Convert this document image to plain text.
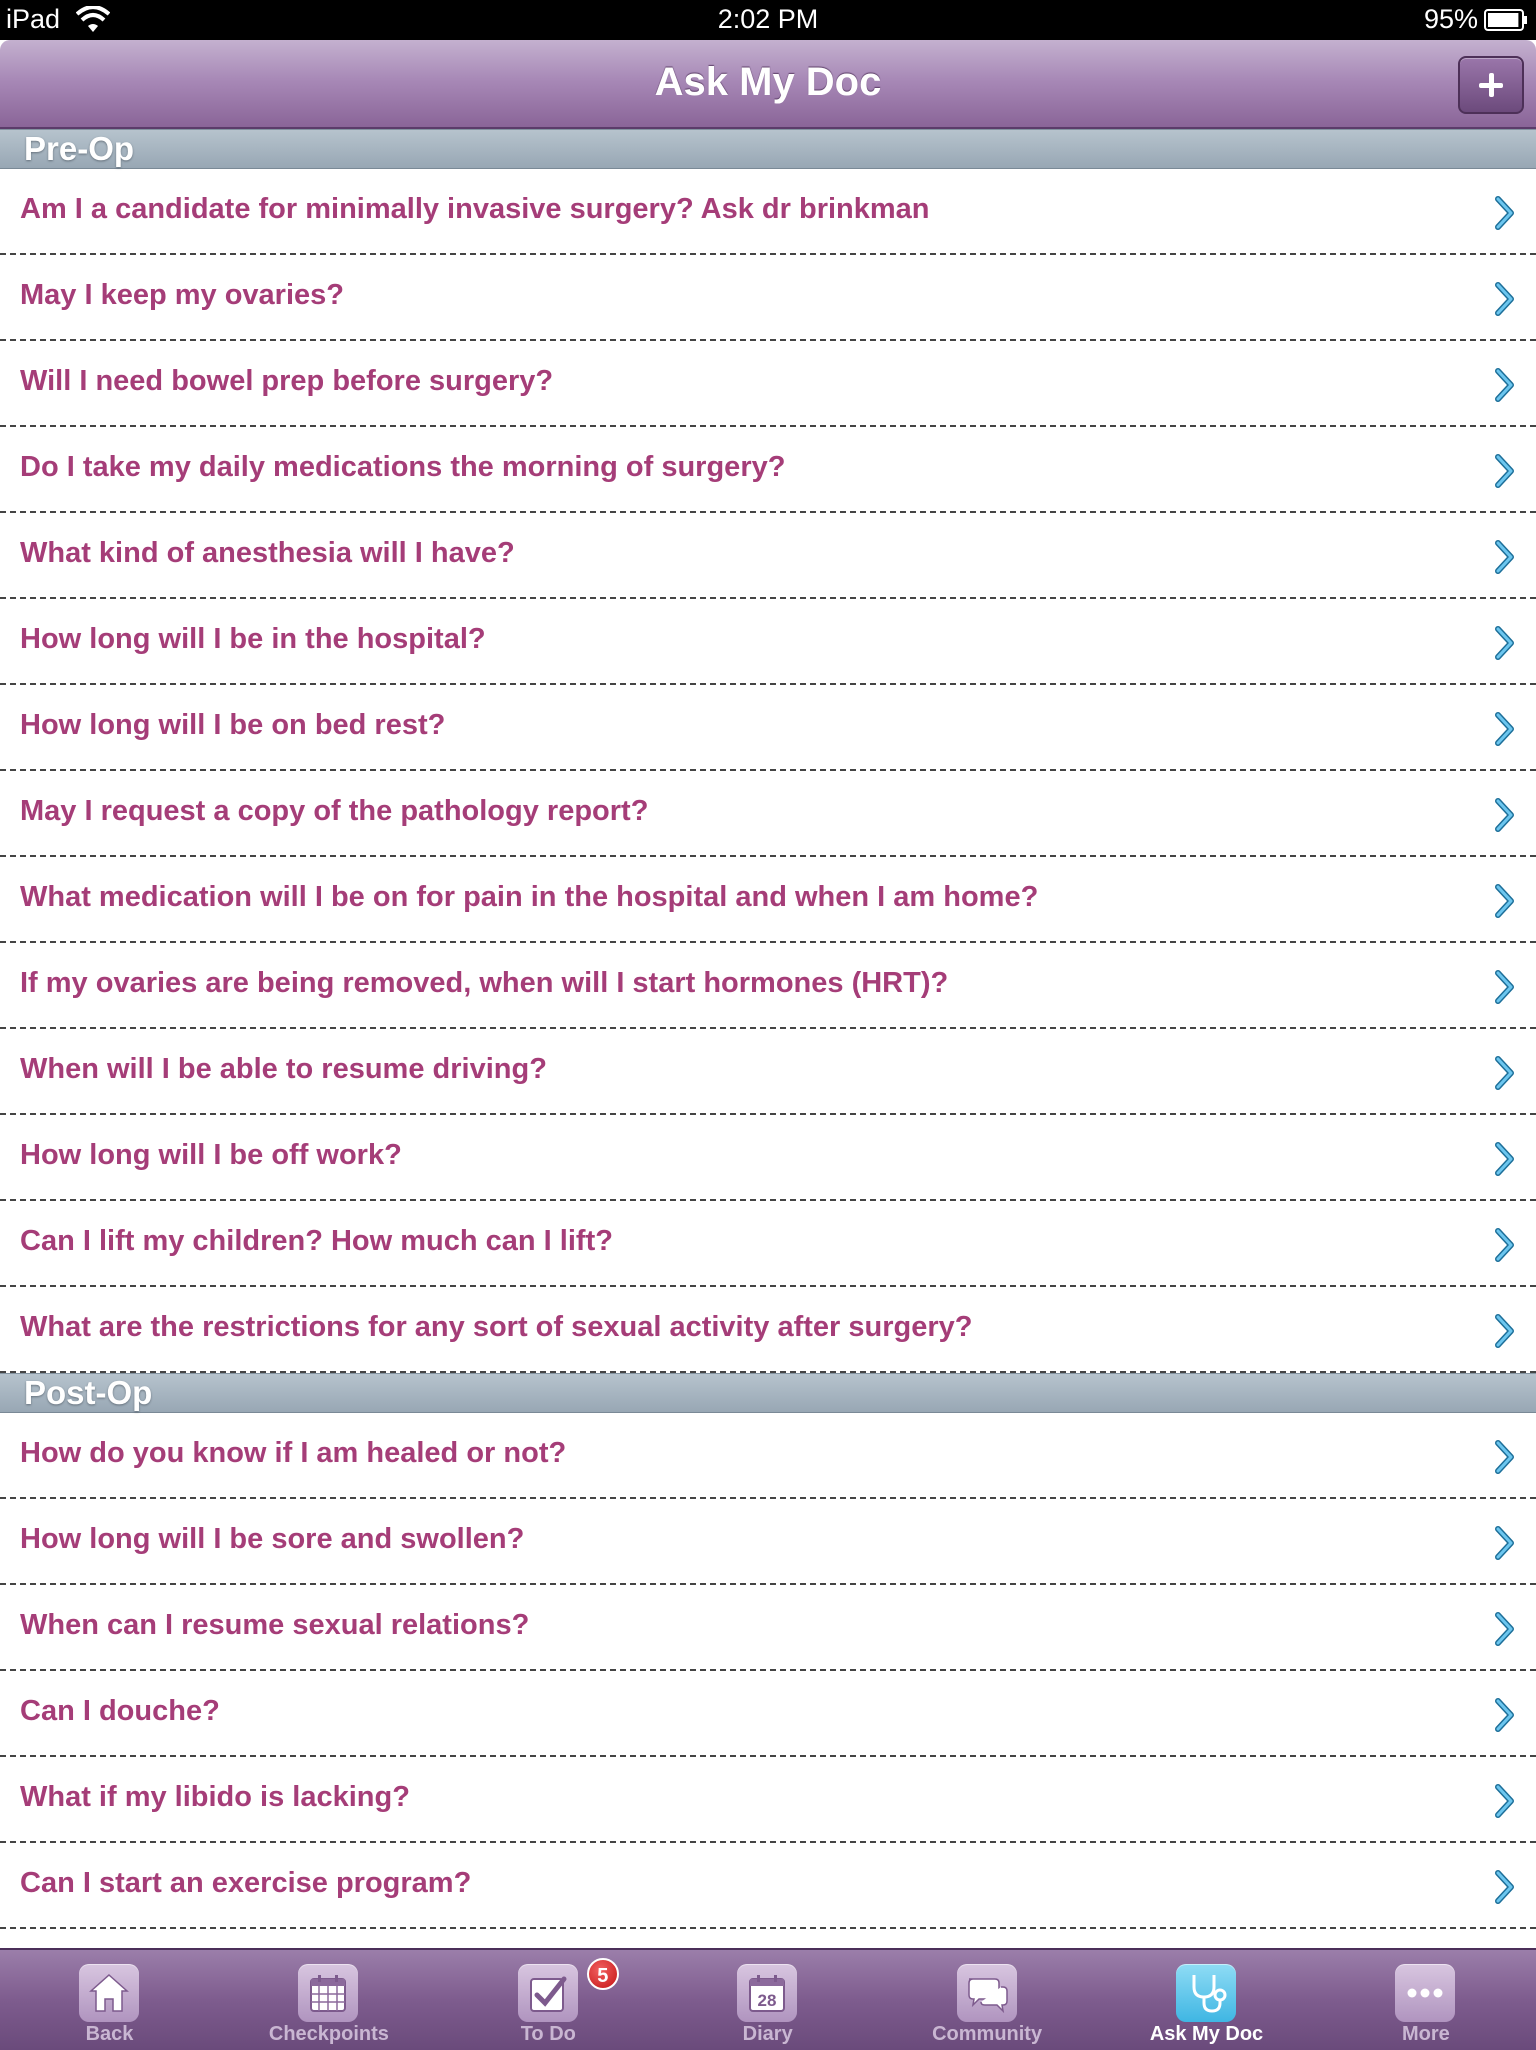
iPad	2:02 PM	95%
Ask My Doc
Pre-Op
Am I a candidate for minimally invasive surgery? Ask dr brinkman
May I keep my ovaries?
Will I need bowel prep before surgery?
Do I take my daily medications the morning of surgery?
What kind of anesthesia will I have?
How long will I be in the hospital?
How long will I be on bed rest?
May I request a copy of the pathology report?
What medication will I be on for pain in the hospital and when I am home?
If my ovaries are being removed, when will I start hormones (HRT)?
When will I be able to resume driving?
How long will I be off work?
Can I lift my children? How much can I lift?
What are the restrictions for any sort of sexual activity after surgery?
Post-Op
How do you know if I am healed or not?
How long will I be sore and swollen?
When can I resume sexual relations?
Can I douche?
What if my libido is lacking?
Can I start an exercise program?
Back	Checkpoints	To Do
5
28
Diary	Community	Ask My Doc	More
